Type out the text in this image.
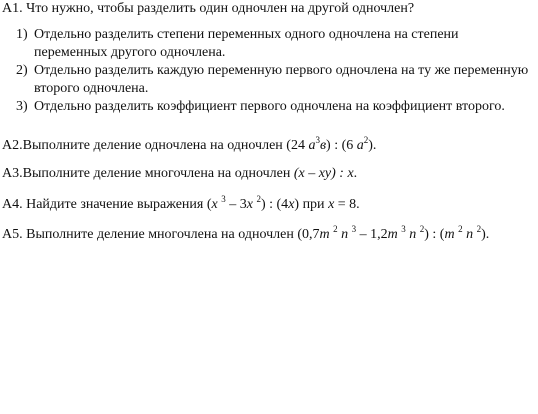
А1. Что нужно, чтобы разделить один одночлен на другой одночлен?
1) Отдельно разделить степени переменных одного одночлена на степени
переменных другого одночлена.
2) Отдельно разделить каждую переменную первого одночлена на ту же переменную
второго одночлена.
3) Отдельно разделить коэффициент первого одночлена на коэффициент второго.
А2.Выполните деление одночлена на одночлен (24 $a^3в$) : (6 $a^2$).
А3.Выполните деление многочлена на одночлен (x – xy) : x.
А4. Найдите значение выражения (x $^3$ – 3x $^2$) : (4x) при x = 8.
А5. Выполните деление многочлена на одночлен (0,7m $^2$ n $^3$ – 1,2m $^3$ n $^2$) : (m $^2$ n $^2$).
